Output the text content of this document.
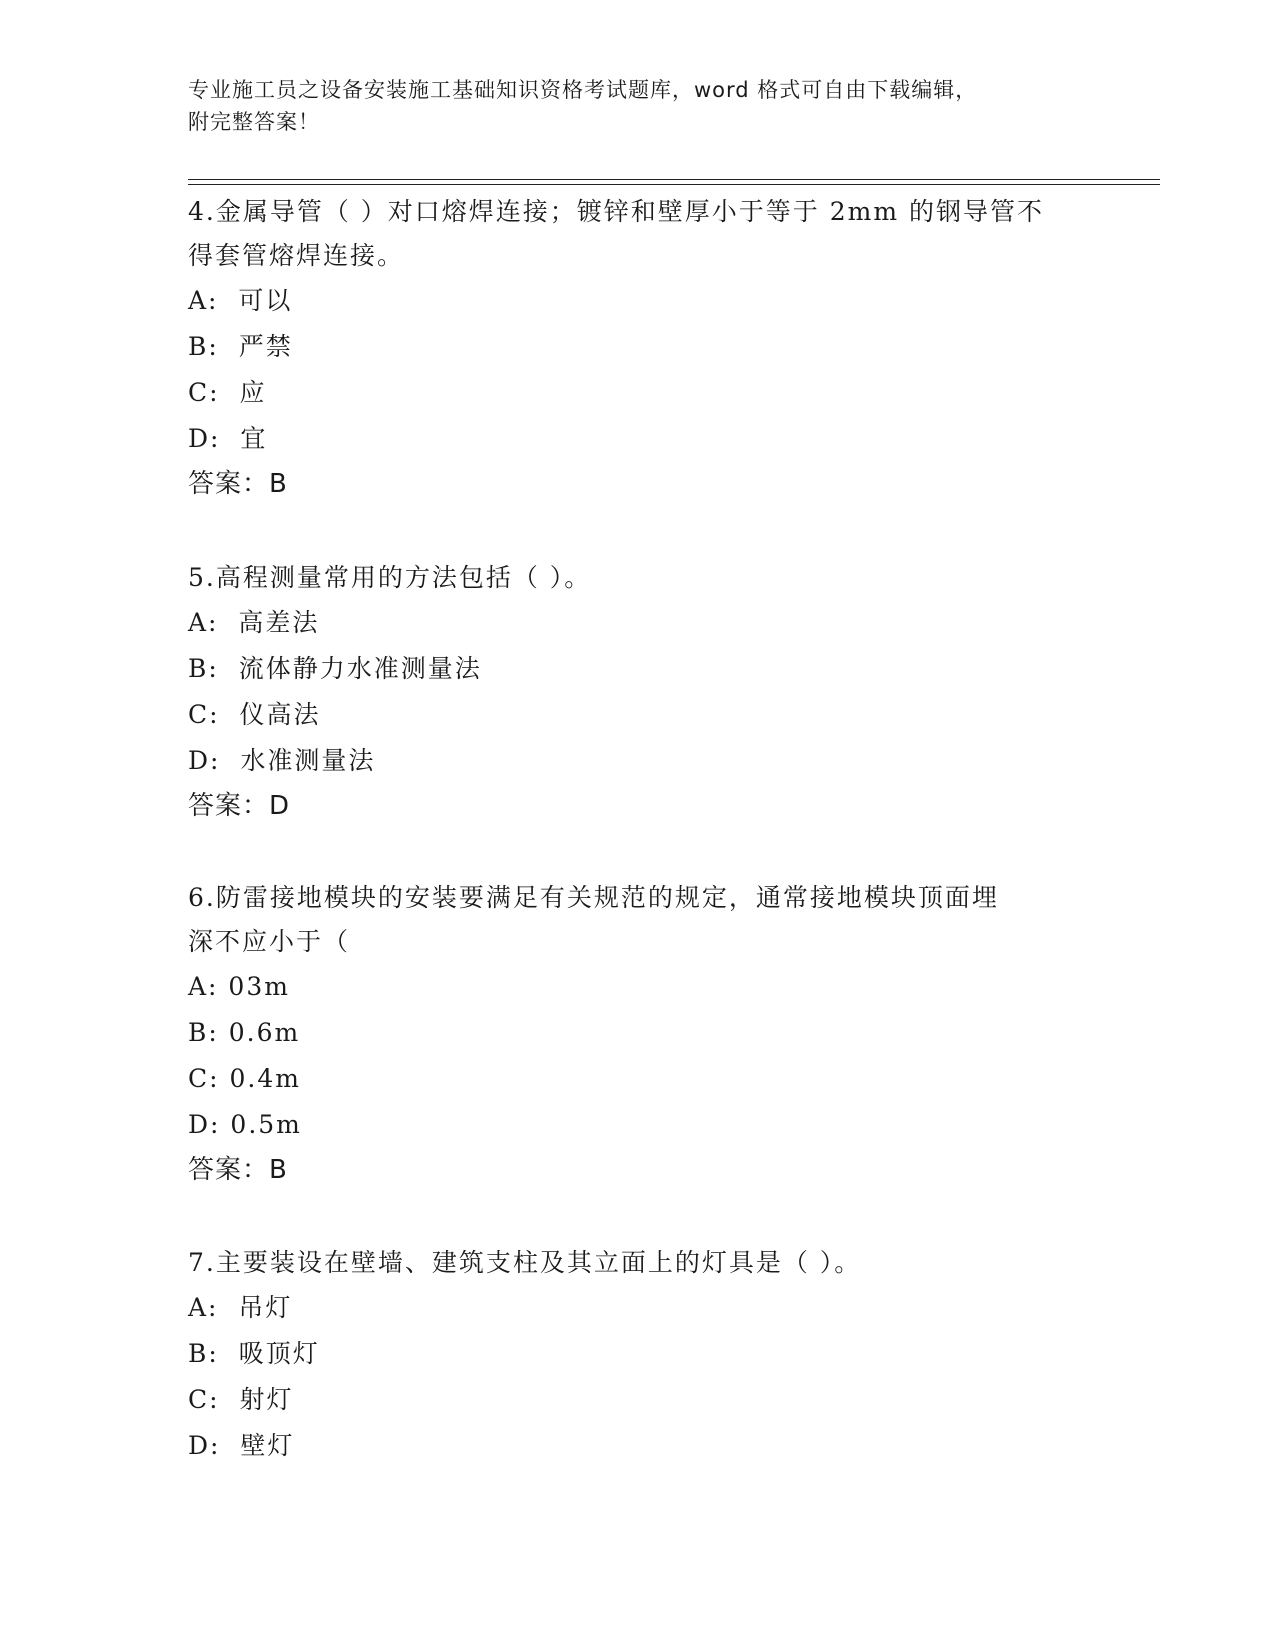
专业施工员之设备安装施工基础知识资格考试题库，word 格式可自由下载编辑，
附完整答案！

4.金属导管（ ）对口熔焊连接；镀锌和壁厚小于等于 2mm 的钢导管不

得套管熔焊连接。

A:  可以

B:  严禁

C:  应

D:  宜

答案：B

5.高程测量常用的方法包括（ ）。

A:  高差法

B:  流体静力水准测量法

C:  仪高法

D:  水准测量法

答案：D

6.防雷接地模块的安装要满足有关规范的规定，通常接地模块顶面埋

深不应小于（

A: 03m

B: 0.6m

C: 0.4m

D: 0.5m

答案：B

7.主要装设在壁墙、建筑支柱及其立面上的灯具是（ ）。

A:  吊灯

B:  吸顶灯

C:  射灯

D:  壁灯
